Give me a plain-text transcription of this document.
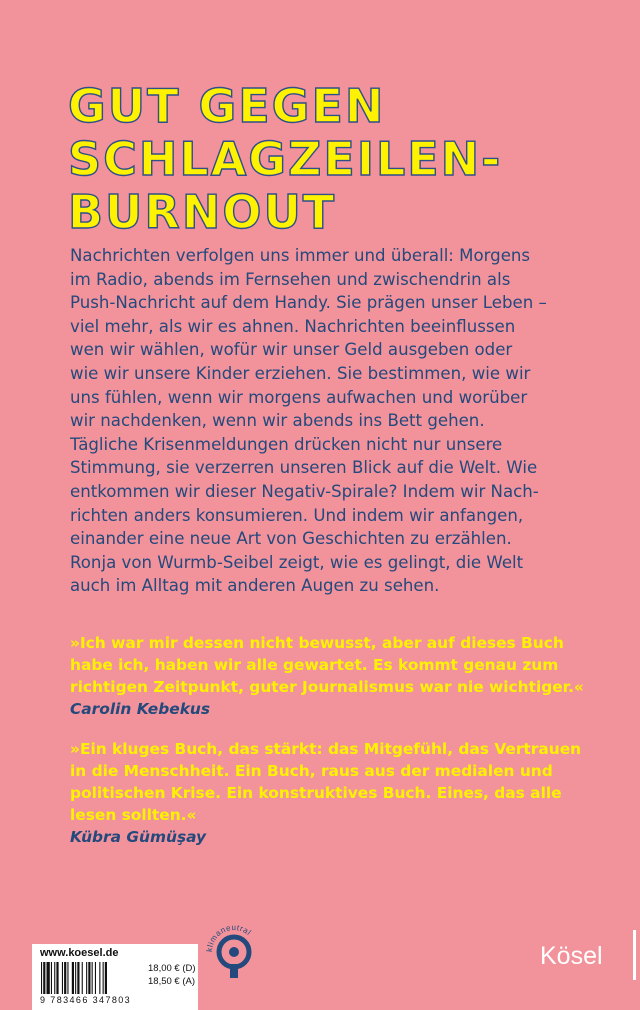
GUT GEGEN
SCHLAGZEILEN-
BURNOUT

Nachrichten verfolgen uns immer und überall: Morgens
im Radio, abends im Fernsehen und zwischendrin als
Push-Nachricht auf dem Handy. Sie prägen unser Leben –
viel mehr, als wir es ahnen. Nachrichten beeinflussen
wen wir wählen, wofür wir unser Geld ausgeben oder
wie wir unsere Kinder erziehen. Sie bestimmen, wie wir
uns fühlen, wenn wir morgens aufwachen und worüber
wir nachdenken, wenn wir abends ins Bett gehen.
Tägliche Krisenmeldungen drücken nicht nur unsere
Stimmung, sie verzerren unseren Blick auf die Welt. Wie
entkommen wir dieser Negativ-Spirale? Indem wir Nach-
richten anders konsumieren. Und indem wir anfangen,
einander eine neue Art von Geschichten zu erzählen.
Ronja von Wurmb-Seibel zeigt, wie es gelingt, die Welt
auch im Alltag mit anderen Augen zu sehen.

»Ich war mir dessen nicht bewusst, aber auf dieses Buch
habe ich, haben wir alle gewartet. Es kommt genau zum
richtigen Zeitpunkt, guter Journalismus war nie wichtiger.«
Carolin Kebekus
»Ein kluges Buch, das stärkt: das Mitgefühl, das Vertrauen
in die Menschheit. Ein Buch, raus aus der medialen und
politischen Krise. Ein konstruktives Buch. Eines, das alle
lesen sollten.«
Kübra Gümüşay
www.koesel.de
9 783466 347803
18,00 € (D)
18,50 € (A)
klimaneutral
Kösel
